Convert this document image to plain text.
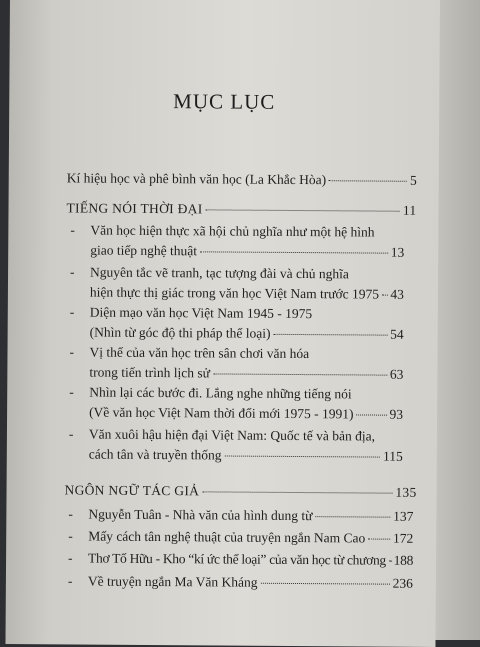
MỤC LỤC
Kí hiệu học và phê bình văn học (La Khắc Hòa)	5
TIẾNG NÓI THỜI ĐẠI	11
- Văn học hiện thực xã hội chủ nghĩa như một hệ hình
giao tiếp nghệ thuật	13
- Nguyên tắc vẽ tranh, tạc tượng đài và chủ nghĩa
hiện thực thị giác trong văn học Việt Nam trước 1975 43
- Diện mạo văn học Việt Nam 1945 - 1975
(Nhìn từ góc độ thi pháp thể loại)	54
- Vị thế của văn học trên sân chơi văn hóa
trong tiến trình lịch sử	63
- Nhìn lại các bước đi. Lắng nghe những tiếng nói
(Về văn học Việt Nam thời đổi mới 1975 - 1991)	93
- Văn xuôi hậu hiện đại Việt Nam: Quốc tế và bản địa,
cách tân và truyền thống	115
NGÔN NGỮ TÁC GIẢ	135
- Nguyễn Tuân - Nhà văn của hình dung từ	137
- Mấy cách tân nghệ thuật của truyện ngắn Nam Cao 172
- Thơ Tố Hữu - Kho “kí ức thể loại” của văn học từ chương 188
- Về truyện ngắn Ma Văn Kháng	236
